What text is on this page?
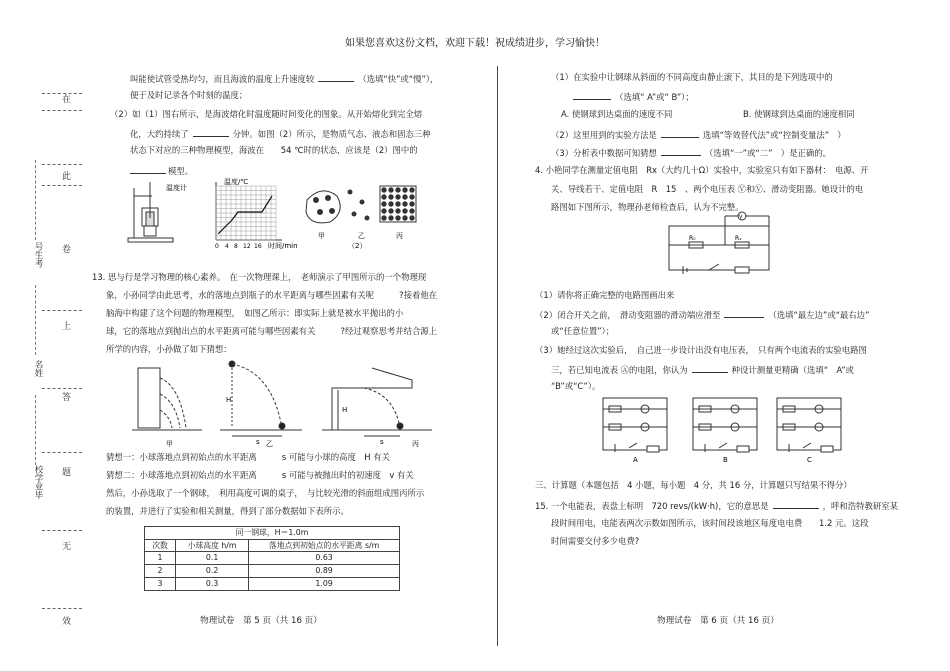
如果您喜欢这份文档，欢迎下载！祝成绩进步，学习愉快！
在
此
卷
上
答
题
无
效
号生考
名姓
校学业毕
叫能使试管受热均匀，而且海波的温度上升速度较	（选填“快”或“慢”），
便于及时记录各个时刻的温度；
（2）如（1）图右所示，是海波熔化时温度随时间变化的图象。从开始熔化到完全熔
化，大约持续了	分钟。如图（2）所示，是物质气态、液态和固态三种
状态下对应的三种物理模型，海波在　　 54 ℃时的状态，应该是（2）图中的
模型。
温度计
温度/℃
时间/min
0 4 8 12 16
甲	乙	丙
（2）
13. 思与行是学习物理的核心素养。　在一次物理课上，　老师演示了甲图所示的一个物理现
象，小孙同学由此思考，水的落地点到瓶子的水平距离与哪些因素有关呢　　　?接着他在
脑海中构建了这个问题的物理模型，　如图乙所示：即实际上就是被水平抛出的小
球，它的落地点到抛出点的水平距离可能与哪些因素有关　　　?经过观察思考并结合源上
所学的内容，小孙做了如下猜想：
H
s	s
H
甲	乙	丙
猜想一：小球落地点到初始点的水平距离　　　s 可能与小球的高度　H 有关
猜想二：小球落地点到初始点的水平距离　　　s 可能与被抛出时的初速度　v 有关
然后，小孙选取了一个钢球，　利用高度可调的桌子，　与比较光滑的斜面组成图丙所示
的装置，并进行了实验和相关测量，得到了部分数据如下表所示。
同一钢球，H＝1.0m		
次数	小球高度 h/m	落地点到初始点的水平距离 s/m
1	0.1	0.63
2	0.2	0.89
3	0.3	1.09
物理试卷　第 5 页（共 16 页）
（1）在实验中让钢球从斜面的不同高度由静止滚下，其目的是下列选项中的
（选填“ A”或“ B”）；
A. 使钢球到达桌面的速度不同	B. 使钢球到达桌面的速度相同
（2）这里用到的实验方法是	选填“等效替代法”或“控制变量法”　）
（3）分析表中数据可知猜想	（选填“一”或“二”　）是正确的。
4. 小艳同学在测量定值电阻　Rx（大约几十Ω）实验中，实验室只有如下器材：　电源、开
关、导线若干、定值电阻　R　15　、两个电压表 Ⓥ和Ⓥ、滑动变阻器。她设计的电
路图如下图所示，物理孙老师检查后，认为不完整。
V
R₀	Rₓ
（1）请你将正确完整的电路图画出来
（2）闭合开关之前，　滑动变阻器的滑动端应滑至	（选填“最左边”或“最右边”
或“任意位置”）；
（3）她经过这次实验后，　自己进一步设计出没有电压表，　只有两个电流表的实验电路图
三，若已知电流表 Ⓐ的电阻，你认为	种设计测量更精确（选填“　A”或
“B”或“C”）。
A	B	C
三、计算题（本题包括　4 小题，每小题　4 分，共 16 分，计算题只写结果不得分）
15. 一个电能表，表盘上标明　720 revs/(kW·h)，它的意思是	，呼和浩特教研室某
段时间用电，电能表两次示数如图所示，该时间段该地区每度电电费　　 1.2 元。这段
时间需要交付多少电费?
物理试卷　第 6 页（共 16 页）
